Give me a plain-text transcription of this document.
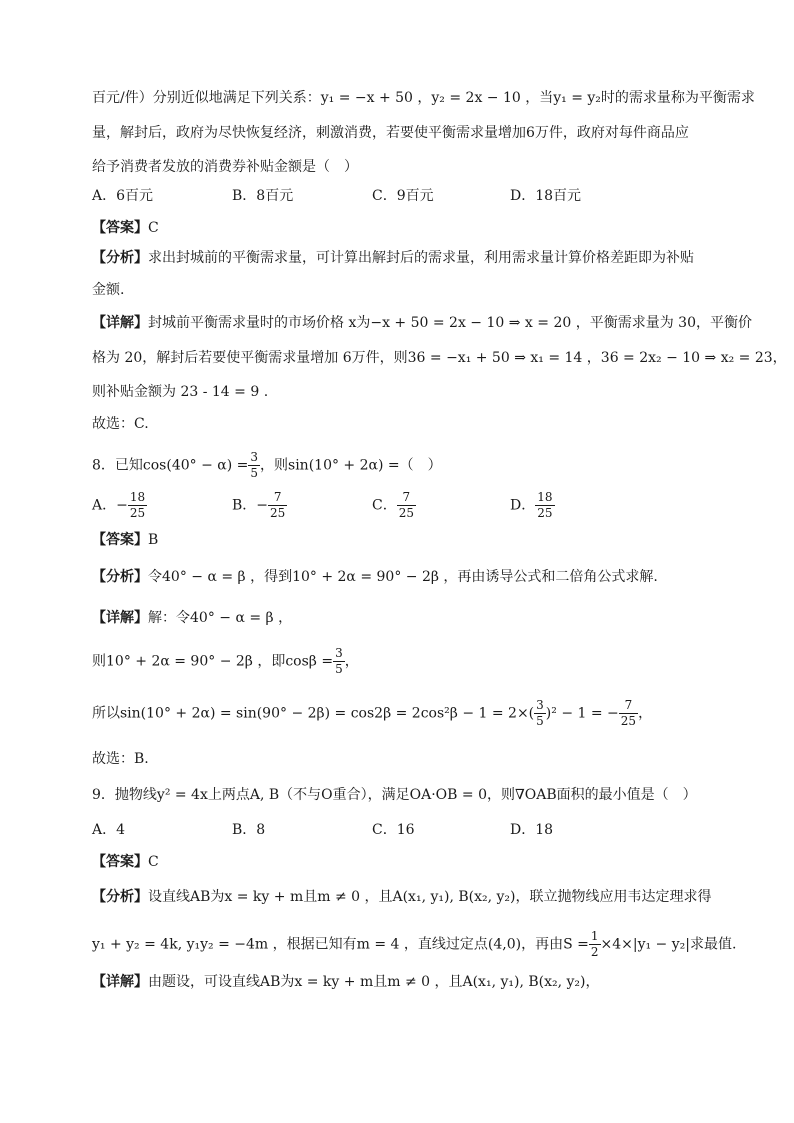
百元/件）分别近似地满足下列关系：y₁ = −x + 50 ，y₂ = 2x − 10 ，当y₁ = y₂时的需求量称为平衡需求
量，解封后，政府为尽快恢复经济，刺激消费，若要使平衡需求量增加6万件，政府对每件商品应
给予消费者发放的消费券补贴金额是（　）
A．6百元	B．8百元	C．9百元	D．18百元
【答案】C
【分析】求出封城前的平衡需求量，可计算出解封后的需求量，利用需求量计算价格差距即为补贴
金额.
【详解】封城前平衡需求量时的市场价格 x为−x + 50 = 2x − 10 ⇒ x = 20 ，平衡需求量为 30，平衡价
格为 20，解封后若要使平衡需求量增加 6万件，则36 = −x₁ + 50 ⇒ x₁ = 14 ，36 = 2x₂ − 10 ⇒ x₂ = 23，
则补贴金额为 23 - 14 = 9 .
故选：C.
8．已知$\cos(40^\circ - \alpha) = \frac{3}{5}$ ，则sin(10° + 2α) =（　）
A．− $\frac{18}{25}$	B．− $\frac{7}{25}$	C． $\frac{7}{25}$	D． $\frac{18}{25}$
【答案】B
【分析】令40° − α = β ，得到10° + 2α = 90° − 2β ，再由诱导公式和二倍角公式求解.
【详解】解：令40° − α = β ，
则10° + 2α = 90° − 2β ，即$\cos\beta = \frac{3}{5}$ ，
所以$\sin(10^\circ + 2\alpha) = \sin(90^\circ - 2\beta) = \cos 2\beta = 2\cos^2\beta - 1 = 2\times( \frac{3}{5} )^2 - 1$ = − $\frac{7}{25}$ ，
故选：B.
9．抛物线y² = 4x上两点A, B（不与O重合），满足OA·OB = 0，则∇OAB面积的最小值是（　）
A．4	B．8	C．16	D．18
【答案】C
【分析】设直线AB为x = ky + m且m ≠ 0 ，且A(x₁, y₁), B(x₂, y₂)，联立抛物线应用韦达定理求得
y₁ + y₂ = 4k, y₁y₂ = −4m ，根据已知有m = 4 ，直线过定点(4,0)，再由$S = \frac{1}{2} \times 4\times|y_1 - y_2|$求最值.
【详解】由题设，可设直线AB为x = ky + m且m ≠ 0 ，且A(x₁, y₁), B(x₂, y₂)，
